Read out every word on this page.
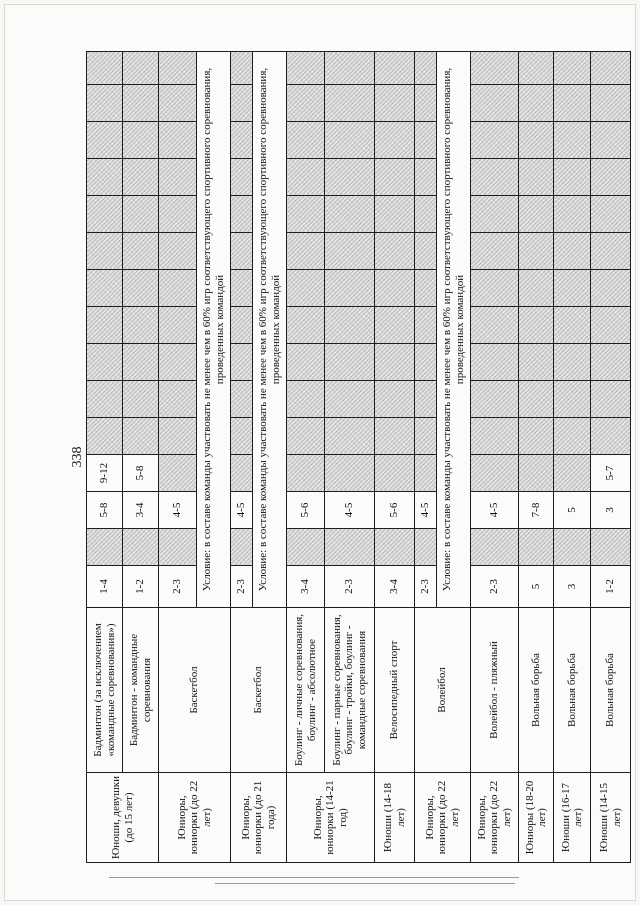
338
Юноши, девушки (до 15 лет)	Бадминтон (за исключением «командные соревнования»)	1-4		5-8	9-12											
	Бадминтон - командные соревнования	1-2		3-4	5-8											
Юниоры, юниорки (до 22 лет)	Баскетбол	2-3		4-5												
		Условие: в составе команды участвовать не менее чем в 60% игр соответствующего спортивного соревнования, проведенных командой														
Юниоры, юниорки (до 21 года)	Баскетбол	2-3		4-5												
		Условие: в составе команды участвовать не менее чем в 60% игр соответствующего спортивного соревнования, проведенных командой														
Юниоры, юниорки (14-21 год)	Боулинг - личные соревнования, боулинг - абсолютное	3-4		5-6												
	Боулинг - парные соревнования, боулинг - тройки, боулинг - командные соревнования	2-3		4-5												
Юноши (14-18 лет)	Велосипедный спорт	3-4		5-6												
Юниоры, юниорки (до 22 лет)	Волейбол	2-3		4-5												
		Условие: в составе команды участвовать не менее чем в 60% игр соответствующего спортивного соревнования, проведенных командой														
Юниоры, юниорки (до 22 лет)	Волейбол - пляжный	2-3		4-5												
Юниоры (18-20 лет)	Вольная борьба	5		7-8												
Юноши (16-17 лет)	Вольная борьба	3		5												
Юноши (14-15 лет)	Вольная борьба	1-2		3	5-7											
